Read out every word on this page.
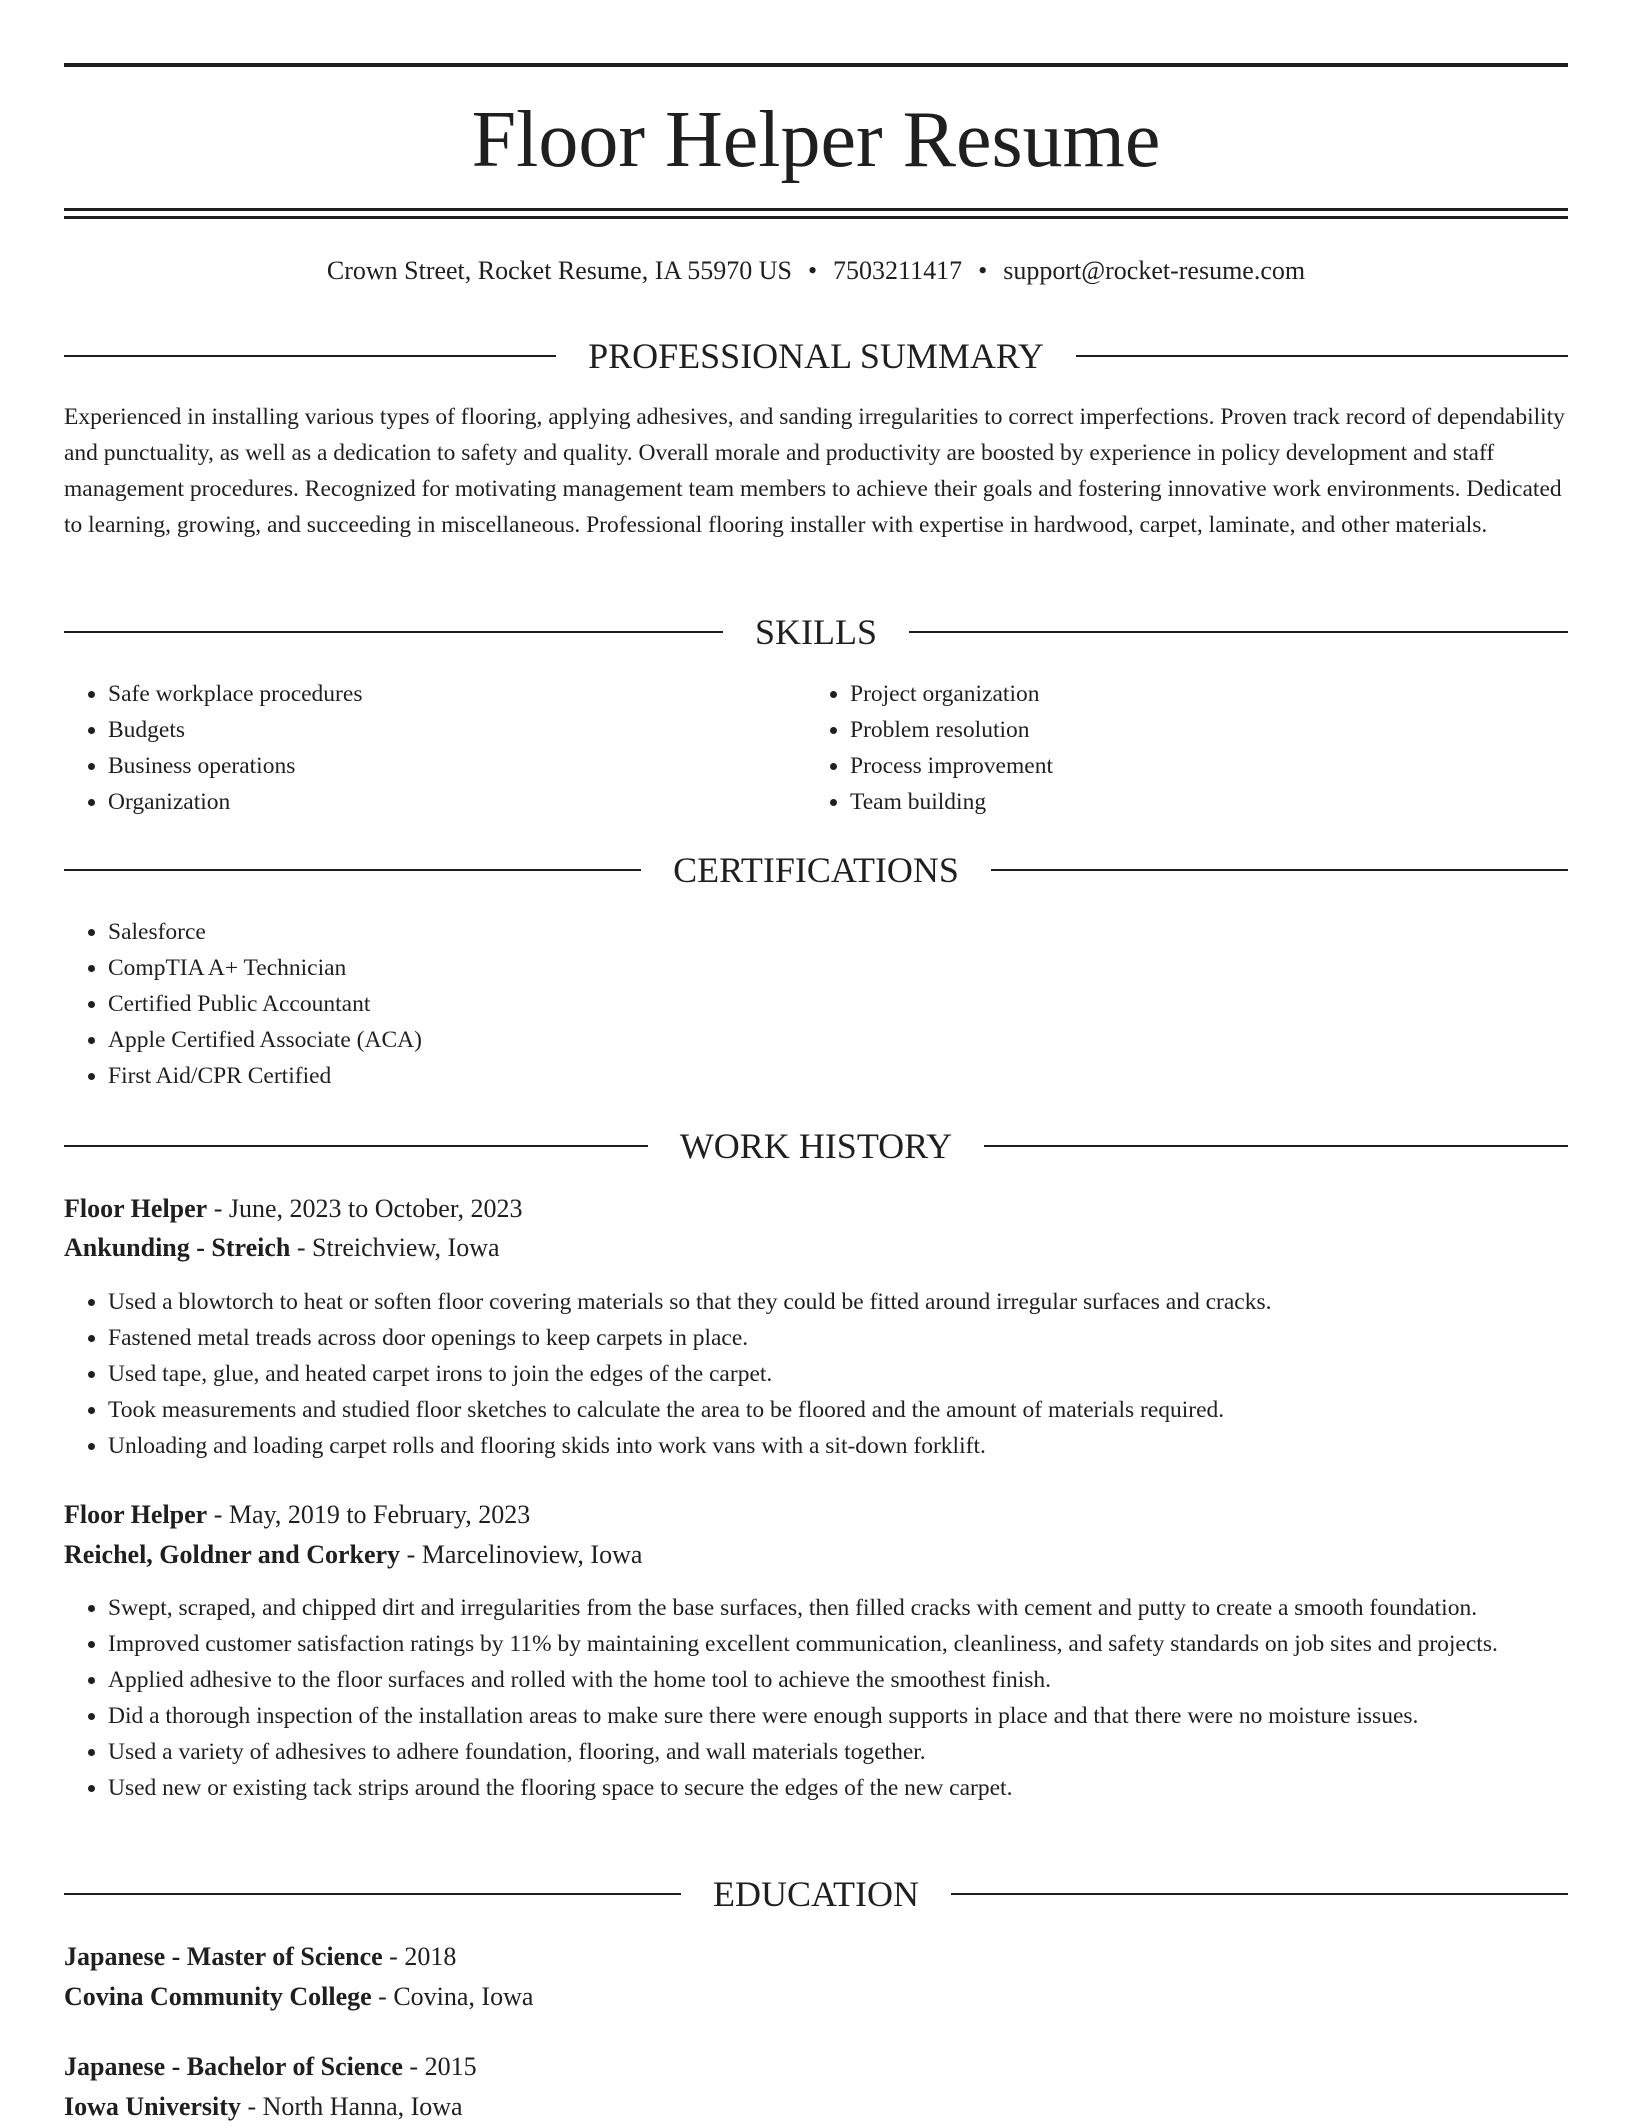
Floor Helper Resume
Crown Street, Rocket Resume, IA 55970 US • 7503211417 • support@rocket-resume.com
PROFESSIONAL SUMMARY

Experienced in installing various types of flooring, applying adhesives, and sanding irregularities to correct imperfections. Proven track record of dependability and punctuality, as well as a dedication to safety and quality. Overall morale and productivity are boosted by experience in policy development and staff management procedures. Recognized for motivating management team members to achieve their goals and fostering innovative work environments. Dedicated to learning, growing, and succeeding in miscellaneous. Professional flooring installer with expertise in hardwood, carpet, laminate, and other materials.

SKILLS
• Safe workplace procedures
• Budgets
• Business operations
• Organization
• Project organization
• Problem resolution
• Process improvement
• Team building
CERTIFICATIONS
• Salesforce
• CompTIA A+ Technician
• Certified Public Accountant
• Apple Certified Associate (ACA)
• First Aid/CPR Certified
WORK HISTORY
Floor Helper - June, 2023 to October, 2023
Ankunding - Streich - Streichview, Iowa
• Used a blowtorch to heat or soften floor covering materials so that they could be fitted around irregular surfaces and cracks.
• Fastened metal treads across door openings to keep carpets in place.
• Used tape, glue, and heated carpet irons to join the edges of the carpet.
• Took measurements and studied floor sketches to calculate the area to be floored and the amount of materials required.
• Unloading and loading carpet rolls and flooring skids into work vans with a sit-down forklift.
Floor Helper - May, 2019 to February, 2023
Reichel, Goldner and Corkery - Marcelinoview, Iowa
• Swept, scraped, and chipped dirt and irregularities from the base surfaces, then filled cracks with cement and putty to create a smooth foundation.
• Improved customer satisfaction ratings by 11% by maintaining excellent communication, cleanliness, and safety standards on job sites and projects.
• Applied adhesive to the floor surfaces and rolled with the home tool to achieve the smoothest finish.
• Did a thorough inspection of the installation areas to make sure there were enough supports in place and that there were no moisture issues.
• Used a variety of adhesives to adhere foundation, flooring, and wall materials together.
• Used new or existing tack strips around the flooring space to secure the edges of the new carpet.
EDUCATION
Japanese - Master of Science - 2018
Covina Community College - Covina, Iowa
Japanese - Bachelor of Science - 2015
Iowa University - North Hanna, Iowa
